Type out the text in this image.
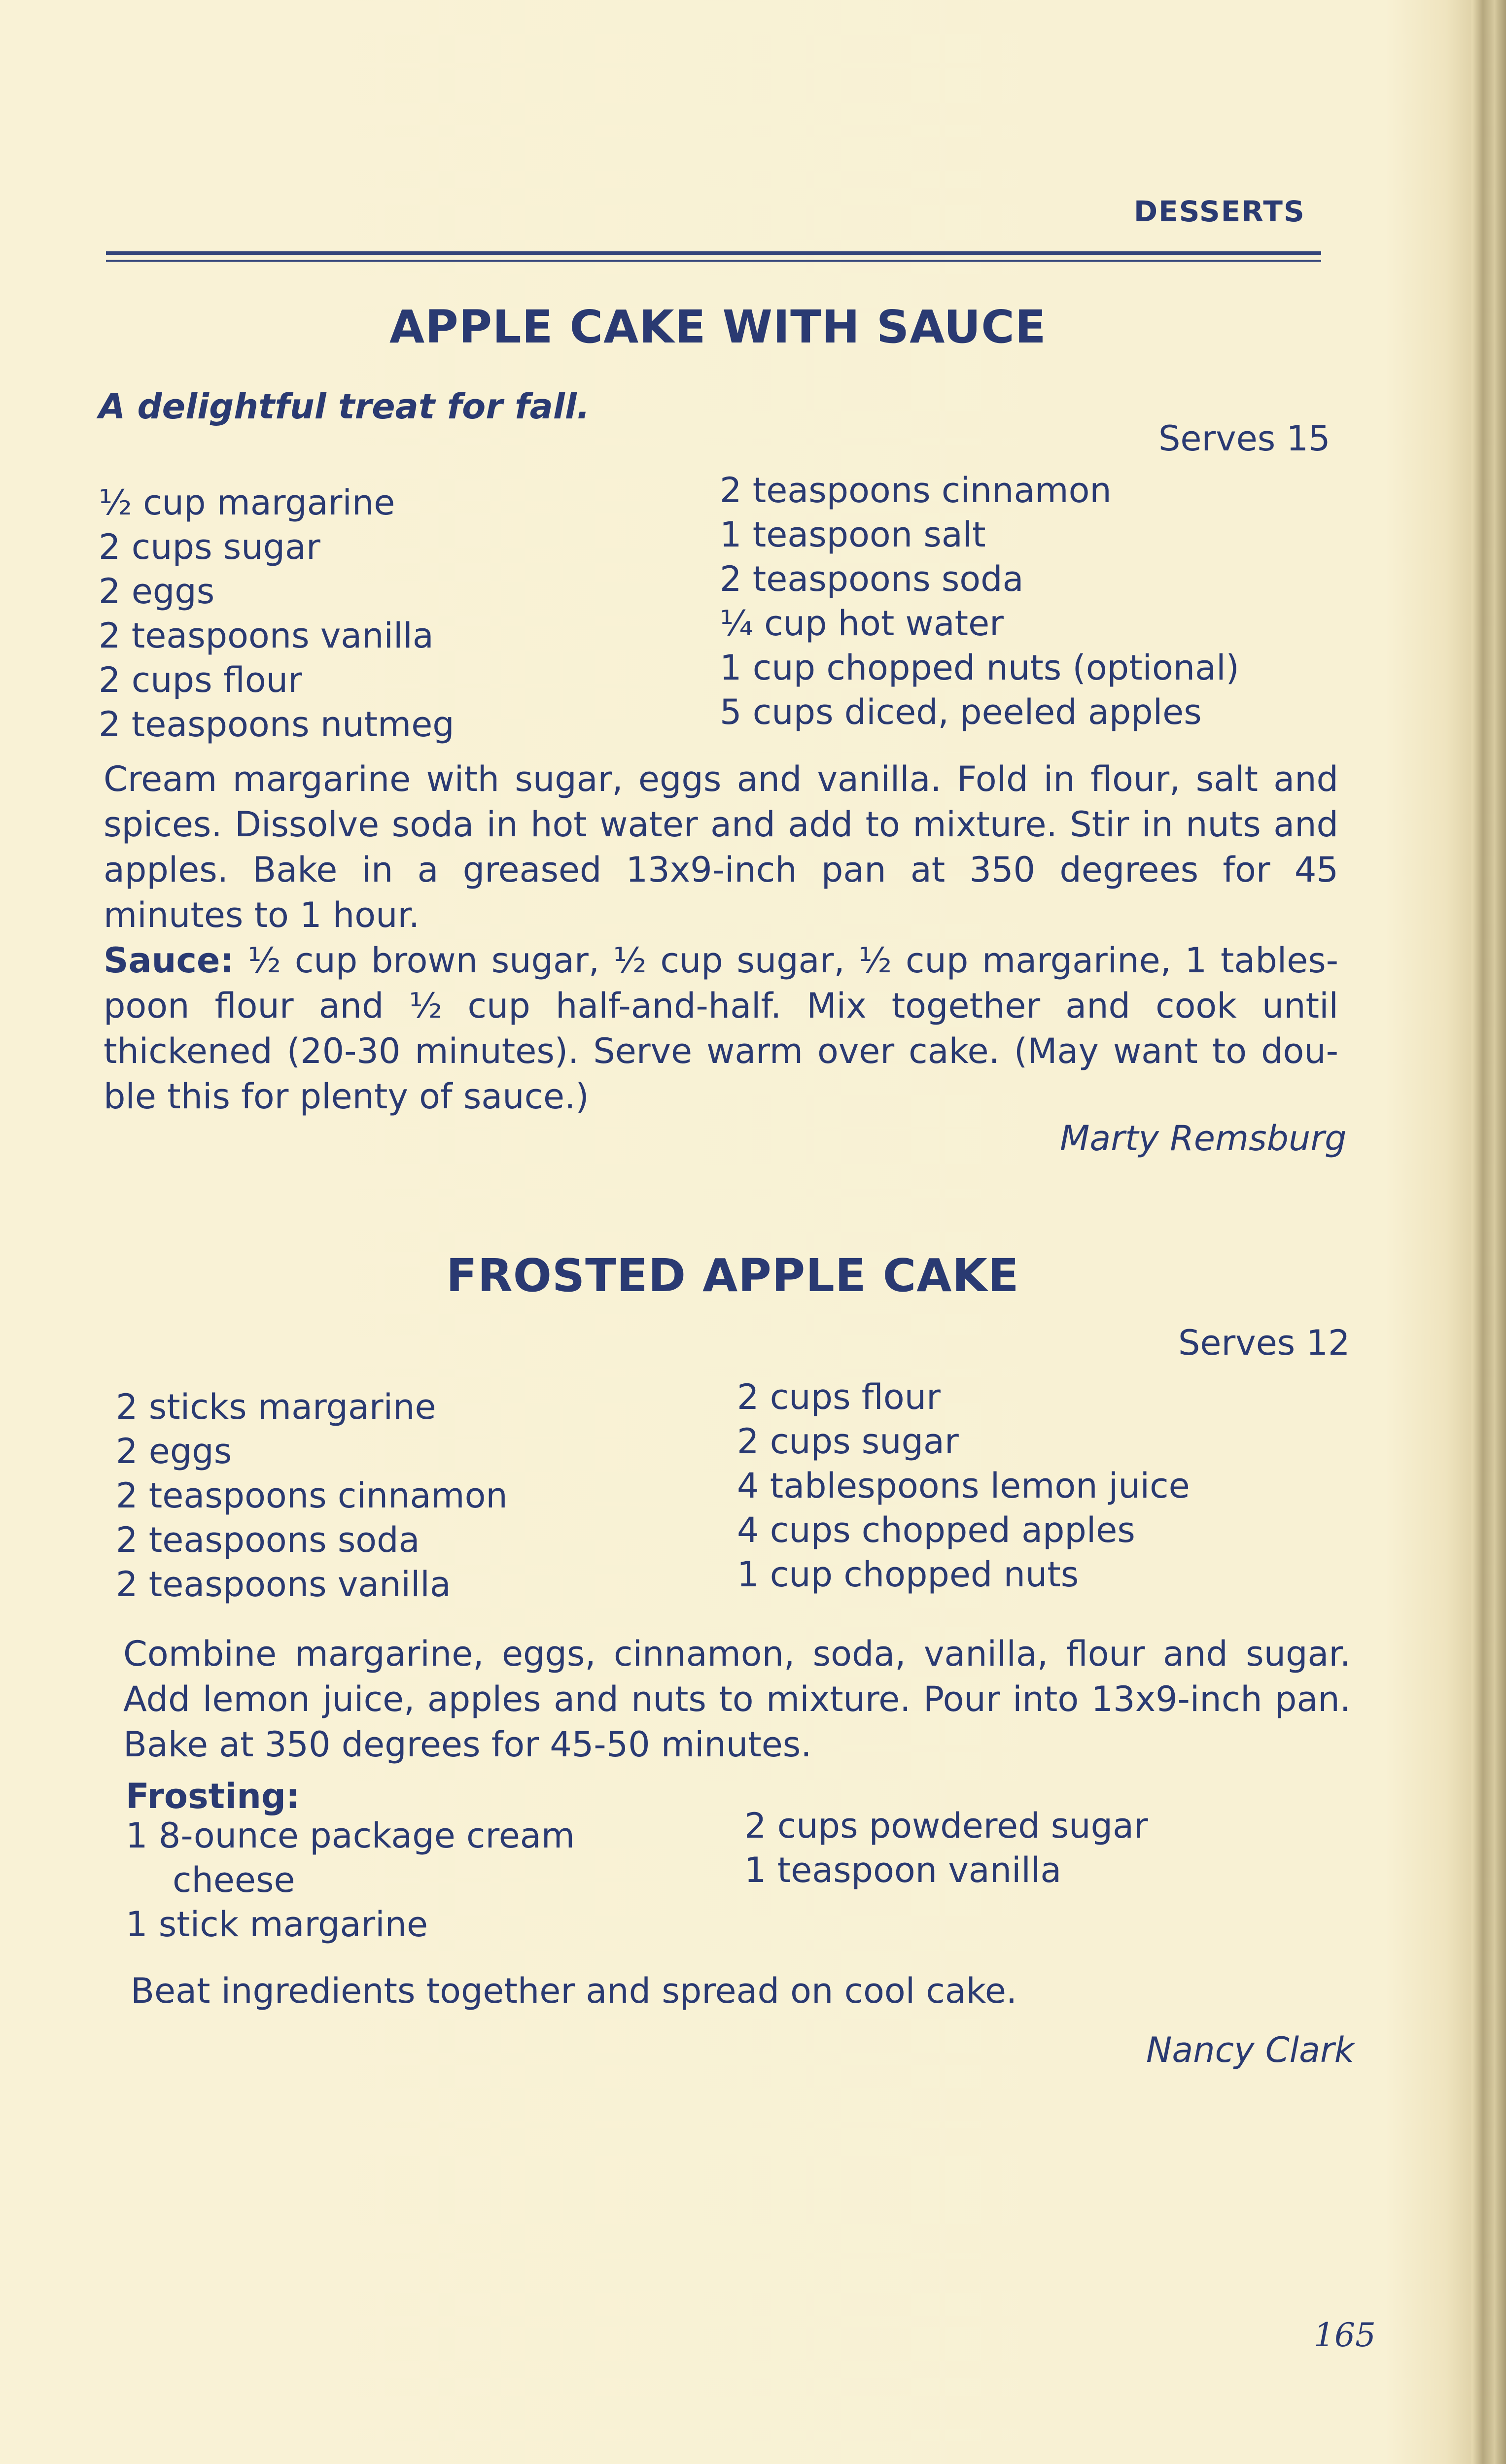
DESSERTS
APPLE CAKE WITH SAUCE
A delightful treat for fall.
Serves 15
½ cup margarine
2 cups sugar
2 eggs
2 teaspoons vanilla
2 cups flour
2 teaspoons nutmeg
2 teaspoons cinnamon
1 teaspoon salt
2 teaspoons soda
¼ cup hot water
1 cup chopped nuts (optional)
5 cups diced, peeled apples

Cream margarine with sugar, eggs and vanilla. Fold in flour, salt and spices. Dissolve soda in hot water and add to mixture. Stir in nuts and apples. Bake in a greased 13x9-inch pan at 350 degrees for 45 minutes to 1 hour.

Sauce: ½ cup brown sugar, ½ cup sugar, ½ cup margarine, 1 tables-poon flour and ½ cup half-and-half. Mix together and cook until thickened (20-30 minutes). Serve warm over cake. (May want to dou-ble this for plenty of sauce.)

Marty Remsburg
FROSTED APPLE CAKE
Serves 12
2 sticks margarine
2 eggs
2 teaspoons cinnamon
2 teaspoons soda
2 teaspoons vanilla
2 cups flour
2 cups sugar
4 tablespoons lemon juice
4 cups chopped apples
1 cup chopped nuts

Combine margarine, eggs, cinnamon, soda, vanilla, flour and sugar. Add lemon juice, apples and nuts to mixture. Pour into 13x9-inch pan. Bake at 350 degrees for 45-50 minutes.

Frosting:
1 8-ounce package cream
cheese
1 stick margarine
2 cups powdered sugar
1 teaspoon vanilla
Beat ingredients together and spread on cool cake.
Nancy Clark
165
